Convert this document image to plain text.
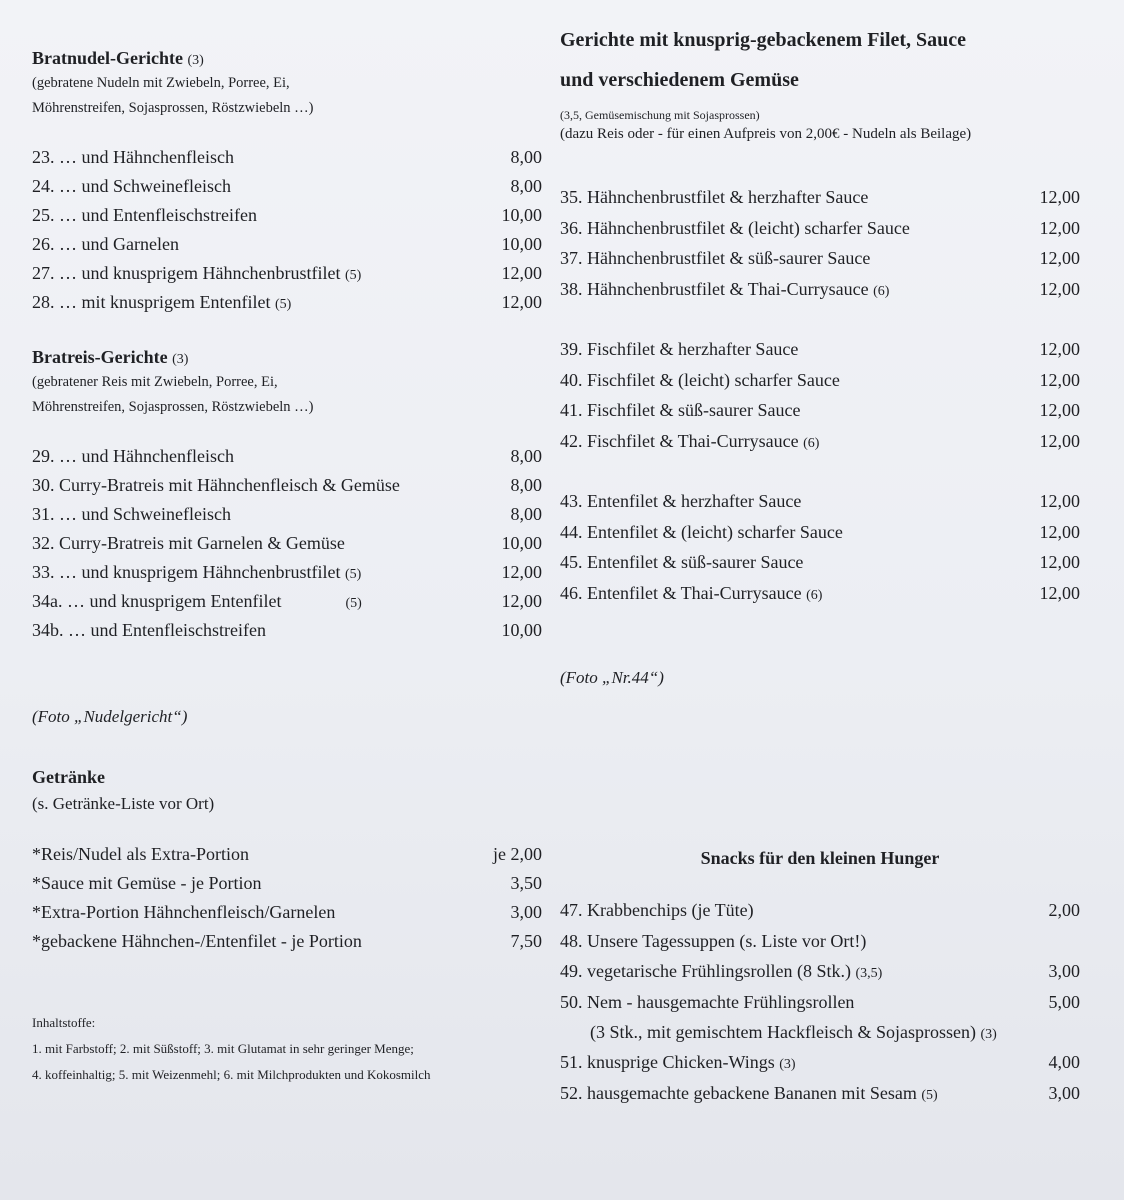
Bratnudel-Gerichte (3)

(gebratene Nudeln mit Zwiebeln, Porree, Ei,
Möhrenstreifen, Sojasprossen, Röstzwiebeln …)
23. … und Hähnchenfleisch	8,00
24. … und Schweinefleisch	8,00
25. … und Entenfleischstreifen	10,00
26. … und Garnelen	10,00
27. … und knusprigem Hähnchenbrustfilet (5)	12,00
28. … mit knusprigem Entenfilet (5)	12,00

Bratreis-Gerichte (3)

(gebratener Reis mit Zwiebeln, Porree, Ei,
Möhrenstreifen, Sojasprossen, Röstzwiebeln …)
29. … und Hähnchenfleisch	8,00
30. Curry-Bratreis mit Hähnchenfleisch & Gemüse	8,00
31. … und Schweinefleisch	8,00
32. Curry-Bratreis mit Garnelen & Gemüse	10,00
33. … und knusprigem Hähnchenbrustfilet (5)	12,00
34a. … und knusprigem Entenfilet	(5)	12,00
34b. … und Entenfleischstreifen	10,00
(Foto „Nudelgericht“)

Getränke

(s. Getränke-Liste vor Ort)
*Reis/Nudel als Extra-Portion	je 2,00
*Sauce mit Gemüse - je Portion	3,50
*Extra-Portion Hähnchenfleisch/Garnelen	3,00
*gebackene Hähnchen-/Entenfilet - je Portion	7,50
Inhaltstoffe:
1. mit Farbstoff; 2. mit Süßstoff; 3. mit Glutamat in sehr geringer Menge;
4. koffeinhaltig; 5. mit Weizenmehl; 6. mit Milchprodukten und Kokosmilch

Gerichte mit knusprig-gebackenem Filet, Sauce
und verschiedenem Gemüse

(3,5, Gemüsemischung mit Sojasprossen)
(dazu Reis oder - für einen Aufpreis von 2,00€ - Nudeln als Beilage)
35. Hähnchenbrustfilet & herzhafter Sauce	12,00
36. Hähnchenbrustfilet & (leicht) scharfer Sauce	12,00
37. Hähnchenbrustfilet & süß-saurer Sauce	12,00
38. Hähnchenbrustfilet & Thai-Currysauce (6)	12,00
39. Fischfilet & herzhafter Sauce	12,00
40. Fischfilet & (leicht) scharfer Sauce	12,00
41. Fischfilet & süß-saurer Sauce	12,00
42. Fischfilet & Thai-Currysauce (6)	12,00
43. Entenfilet & herzhafter Sauce	12,00
44. Entenfilet & (leicht) scharfer Sauce	12,00
45. Entenfilet & süß-saurer Sauce	12,00
46. Entenfilet & Thai-Currysauce (6)	12,00
(Foto „Nr.44“)
Snacks für den kleinen Hunger
47. Krabbenchips (je Tüte)	2,00
48. Unsere Tagessuppen (s. Liste vor Ort!)
49. vegetarische Frühlingsrollen (8 Stk.) (3,5)	3,00
50. Nem - hausgemachte Frühlingsrollen	5,00
(3 Stk., mit gemischtem Hackfleisch & Sojasprossen) (3)
51. knusprige Chicken-Wings (3)	4,00
52. hausgemachte gebackene Bananen mit Sesam (5)	3,00
